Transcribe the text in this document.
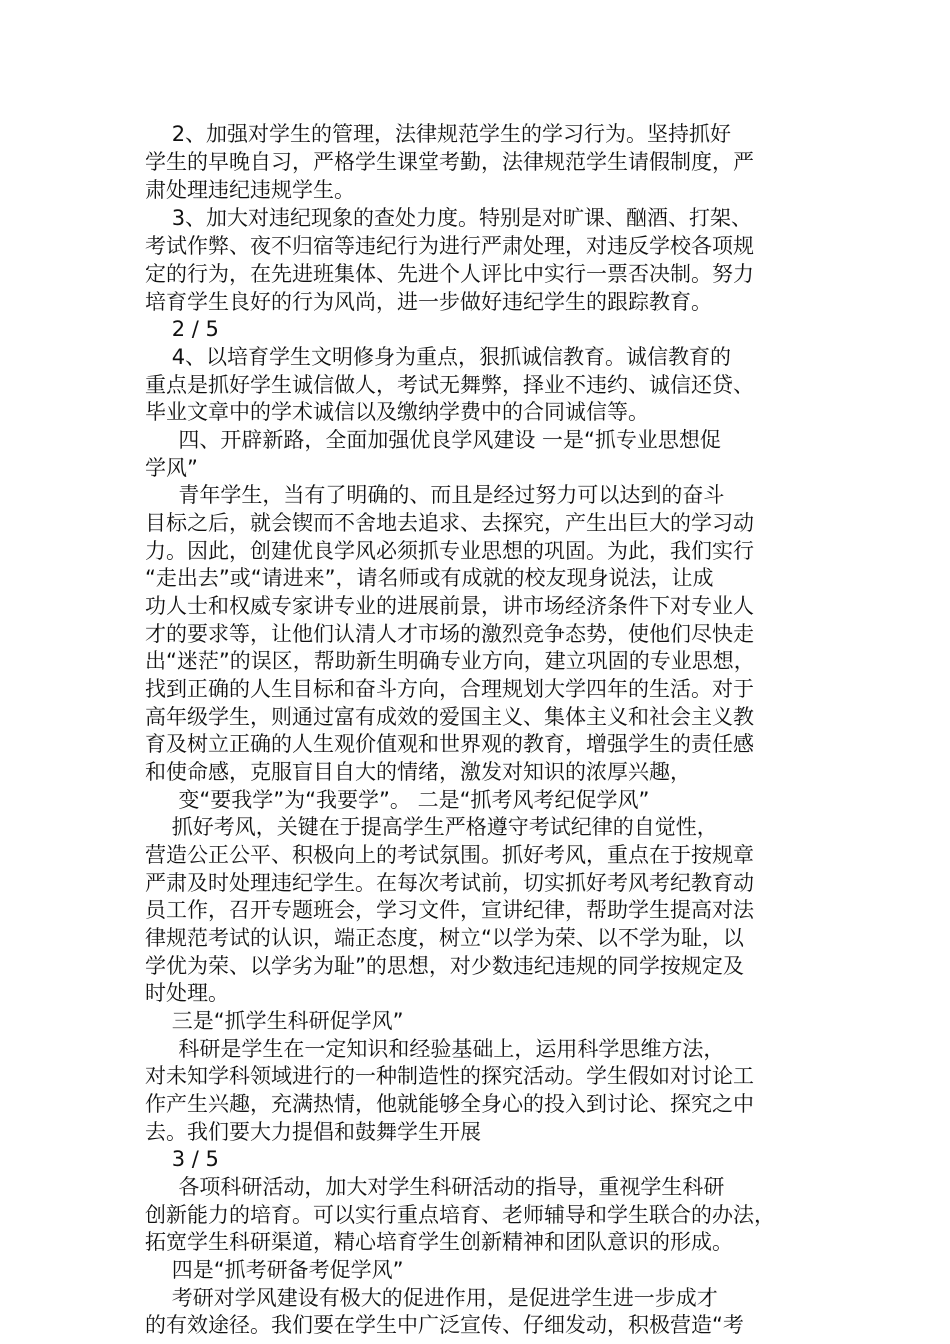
2、加强对学生的管理，法律规范学生的学习行为。坚持抓好
学生的早晚自习，严格学生课堂考勤，法律规范学生请假制度，严
肃处理违纪违规学生。
3、加大对违纪现象的查处力度。特别是对旷课、酗酒、打架、
考试作弊、夜不归宿等违纪行为进行严肃处理，对违反学校各项规
定的行为，在先进班集体、先进个人评比中实行一票否决制。努力
培育学生良好的行为风尚，进一步做好违纪学生的跟踪教育。
2 / 5
4、以培育学生文明修身为重点，狠抓诚信教育。诚信教育的
重点是抓好学生诚信做人，考试无舞弊，择业不违约、诚信还贷、
毕业文章中的学术诚信以及缴纳学费中的合同诚信等。
四、开辟新路，全面加强优良学风建设 一是“抓专业思想促
学风”
青年学生，当有了明确的、而且是经过努力可以达到的奋斗
目标之后，就会锲而不舍地去追求、去探究，产生出巨大的学习动
力。因此，创建优良学风必须抓专业思想的巩固。为此，我们实行
“走出去”或“请进来”，请名师或有成就的校友现身说法，让成
功人士和权威专家讲专业的进展前景，讲市场经济条件下对专业人
才的要求等，让他们认清人才市场的激烈竞争态势，使他们尽快走
出“迷茫”的误区，帮助新生明确专业方向，建立巩固的专业思想，
找到正确的人生目标和奋斗方向，合理规划大学四年的生活。对于
高年级学生，则通过富有成效的爱国主义、集体主义和社会主义教
育及树立正确的人生观价值观和世界观的教育，增强学生的责任感
和使命感，克服盲目自大的情绪，激发对知识的浓厚兴趣，
变“要我学”为“我要学”。 二是“抓考风考纪促学风”
抓好考风，关键在于提高学生严格遵守考试纪律的自觉性，
营造公正公平、积极向上的考试氛围。抓好考风，重点在于按规章
严肃及时处理违纪学生。在每次考试前，切实抓好考风考纪教育动
员工作，召开专题班会，学习文件，宣讲纪律，帮助学生提高对法
律规范考试的认识，端正态度，树立“以学为荣、以不学为耻，以
学优为荣、以学劣为耻”的思想，对少数违纪违规的同学按规定及
时处理。
三是“抓学生科研促学风”
科研是学生在一定知识和经验基础上，运用科学思维方法，
对未知学科领域进行的一种制造性的探究活动。学生假如对讨论工
作产生兴趣，充满热情，他就能够全身心的投入到讨论、探究之中
去。我们要大力提倡和鼓舞学生开展
3 / 5
各项科研活动，加大对学生科研活动的指导，重视学生科研
创新能力的培育。可以实行重点培育、老师辅导和学生联合的办法，
拓宽学生科研渠道，精心培育学生创新精神和团队意识的形成。
四是“抓考研备考促学风”
考研对学风建设有极大的促进作用，是促进学生进一步成才
的有效途径。我们要在学生中广泛宣传、仔细发动，积极营造“考
